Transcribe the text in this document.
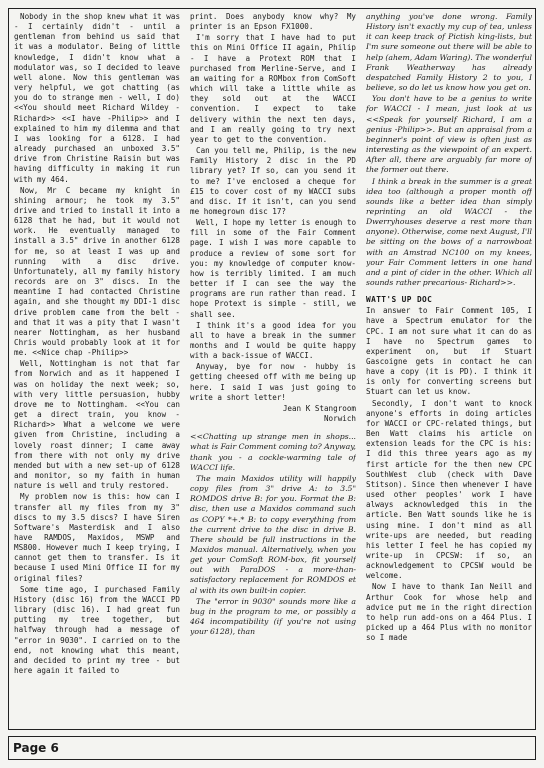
Nobody in the shop knew what it was - I certainly didn't - until a gentleman from behind us said that it was a modulator. Being of little knowledge, I didn't know what a modulator was, so I decided to leave well alone. Now this gentleman was very helpful, we got chatting (as you do to strange men - well, I do) <<You should meet Richard Wildey - Richard>> <<I have -Philip>> and I explained to him my dilemma and that I was looking for a 6128. I had already purchased an unboxed 3.5" drive from Christine Raisin but was having difficulty in making it run with my 464.

Now, Mr C became my knight in shining armour; he took my 3.5" drive and tried to install it into a 6128 that he had, but it would not work. He eventually managed to install a 3.5" drive in another 6128 for me, so at least I was up and running with a disc drive. Unfortunately, all my family history records are on 3" discs. In the meantime I had contacted Christine again, and she thought my DDI-1 disc drive problem came from the belt - and that it was a pity that I wasn't nearer Nottingham, as her husband Chris would probably look at it for me. <<Nice chap -Philip>>

Well, Nottingham is not that far from Norwich and as it happened I was on holiday the next week; so, with very little persuasion, hubby drove me to Nottingham. <<You can get a direct train, you know - Richard>> What a welcome we were given from Christine, including a lovely roast dinner; I came away from there with not only my drive mended but with a new set-up of 6128 and monitor, so my faith in human nature is well and truly restored.

My problem now is this: how can I transfer all my files from my 3" discs to my 3.5 discs? I have Siren Software's Masterdisk and I also have RAMDOS, Maxidos, MSWP and MS800. However much I keep trying, I cannot get them to transfer. Is it because I used Mini Office II for my original files?

Some time ago, I purchased Family History (disc 16) from the WACCI PD library (disc 16). I had great fun putting my tree together, but halfway through had a message of "error in 9030". I carried on to the end, not knowing what this meant, and decided to print my tree - but here again it failed to

print. Does anybody know why? My printer is an Epson FX1000.

I'm sorry that I have had to put this on Mini Office II again, Philip - I have a Protext ROM that I purchased from Merline-Serve, and I am waiting for a ROMbox from ComSoft which will take a little while as they sold out at the WACCI convention. I expect to take delivery within the next ten days, and I am really going to try next year to get to the convention.

Can you tell me, Philip, is the new Family History 2 disc in the PD library yet? If so, can you send it to me? I've enclosed a cheque for £15 to cover cost of my WACCI subs and disc. If it isn't, can you send me homegrown disc 17?

Well, I hope my letter is enough to fill in some of the Fair Comment page. I wish I was more capable to produce a review of some sort for you: my knowledge of computer know-how is terribly limited. I am much better if I can see the way the programs are run rather than read. I hope Protext is simple - still, we shall see.

I think it's a good idea for you all to have a break in the summer months and I would be quite happy with a back-issue of WACCI.

Anyway, bye for now - hubby is getting cheesed off with me being up here. I said I was just going to write a short letter!

Jean K Stangroom

Norwich

<<Chatting up strange men in shops... what is Fair Comment coming to? Anyway, thank you - a cockle-warming tale of WACCI life.

The main Maxidos utility will happily copy files from 3" drive A: to 3.5" ROMDOS drive B: for you. Format the B: disc, then use a Maxidos command such as COPY *+.* B: to copy everything from the current drive to the disc in drive B. There should be full instructions in the Maxidos manual. Alternatively, when you get your ComSoft ROM-box, fit yourself out with ParaDOS - a more-than-satisfactory replacement for ROMDOS et al with its own built-in copier.

The "error in 9030" sounds more like a bug in the program to me, or possibly a 464 incompatibility (if you're not using your 6128), than

anything you've done wrong. Family History isn't exactly my cup of tea, unless it can keep track of Pictish king-lists, but I'm sure someone out there will be able to help (ahem, Adam Waring). The wonderful Frank Weatherway has already despatched Family History 2 to you, I believe, so do let us know how you get on.

You don't have to be a genius to write for WACCI - I mean, just look at us <<Speak for yourself Richard, I am a genius -Philip>>. But an appraisal from a beginner's point of view is often just as interesting as the viewpoint of an expert. After all, there are arguably far more of the former out there.

I think a break in the summer is a great idea too (although a proper month off sounds like a better idea than simply reprinting an old WACCI - the Dwerryhouses deserve a rest more than anyone). Otherwise, come next August, I'll be sitting on the bows of a narrowboat with an Amstrad NC100 on my knees, your Fair Comment letters in one hand and a pint of cider in the other. Which all sounds rather precarious- Richard>>.

WATT'S UP DOC

In answer to Fair Comment 105, I have a Spectrum emulator for the CPC. I am not sure what it can do as I have no Spectrum games to experiment on, but if Stuart Gascoigne gets in contact he can have a copy (it is PD). I think it is only for converting screens but Stuart can let us know.

Secondly, I don't want to knock anyone's efforts in doing articles for WACCI or CPC-related things, but Ben Watt claims his article on extension leads for the CPC is his: I did this three years ago as my first article for the then new CPC SouthWest club (check with Dave Stitson). Since then whenever I have used other peoples' work I have always acknowledged this in the article. Ben Watt sounds like he is using mine. I don't mind as all write-ups are needed, but reading his letter I feel he has copied my write-up in CPCSW: if so, an acknowledgement to CPCSW would be welcome.

Now I have to thank Ian Neill and Arthur Cook for whose help and advice put me in the right direction to help run add-ons on a 464 Plus. I picked up a 464 Plus with no monitor so I made

Page 6
